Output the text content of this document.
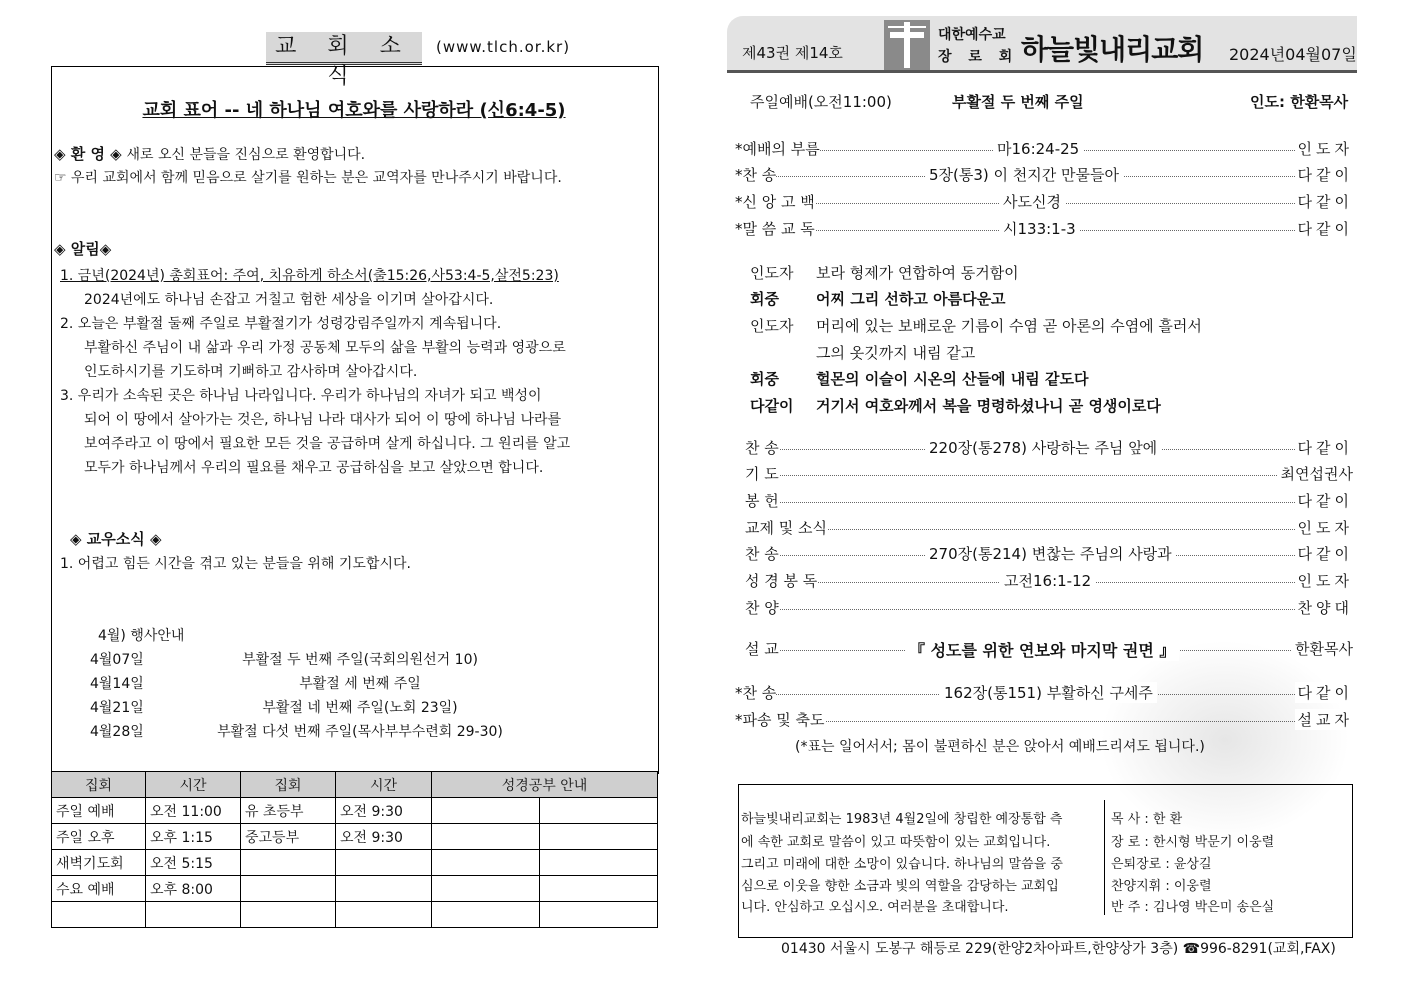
교 회 소 식
(www.tlch.or.kr)
교회 표어 -- 네 하나님 여호와를 사랑하라 (신6:4-5)
◈ 환 영 ◈ 새로 오신 분들을 진심으로 환영합니다.
☞ 우리 교회에서 함께 믿음으로 살기를 원하는 분은 교역자를 만나주시기 바랍니다.
◈ 알림◈
1. 금년(2024년) 총회표어: 주여, 치유하게 하소서(출15:26,사53:4-5,살전5:23)
2024년에도 하나님 손잡고 거칠고 험한 세상을 이기며 살아갑시다.
2. 오늘은 부활절 둘째 주일로 부활절기가 성령강림주일까지 계속됩니다.
부활하신 주님이 내 삶과 우리 가정 공동체 모두의 삶을 부활의 능력과 영광으로
인도하시기를 기도하며 기뻐하고 감사하며 살아갑시다.
3. 우리가 소속된 곳은 하나님 나라입니다. 우리가 하나님의 자녀가 되고 백성이
되어 이 땅에서 살아가는 것은, 하나님 나라 대사가 되어 이 땅에 하나님 나라를
보여주라고 이 땅에서 필요한 모든 것을 공급하며 살게 하십니다. 그 원리를 알고
모두가 하나님께서 우리의 필요를 채우고 공급하심을 보고 살았으면 합니다.
◈ 교우소식 ◈
1. 어렵고 힘든 시간을 겪고 있는 분들을 위해 기도합시다.
4월) 행사안내
4월07일	부활절 두 번째 주일(국회의원선거 10)
4월14일	부활절 세 번째 주일
4월21일	부활절 네 번째 주일(노회 23일)
4월28일	부활절 다섯 번째 주일(목사부부수련회 29-30)
집회	시간	집회	시간	성경공부 안내	
주일 예배	오전 11:00	유 초등부	오전 9:30		
주일 오후	오후 1:15	중고등부	오전 9:30		
새벽기도회	오전 5:15				
수요 예배	오후 8:00				

제43권 제14호
대한예수교
장 로 회 하늘빛내리교회 2024년04월07일
주일예배(오전11:00)	부활절 두 번째 주일	인도: 한환목사
*예배의 부름	마16:24-25	인도자
*찬 송	5장(통3) 이 천지간 만물들아	다같이
*신 앙 고 백	사도신경	다같이
*말 씀 교 독	시133:1-3	다같이
인도자 보라 형제가 연합하여 동거함이
회중 어찌 그리 선하고 아름다운고
인도자 머리에 있는 보배로운 기름이 수염 곧 아론의 수염에 흘러서
그의 옷깃까지 내림 같고
회중 헐몬의 이슬이 시온의 산들에 내림 같도다
다같이 거기서 여호와께서 복을 명령하셨나니 곧 영생이로다
찬 송	220장(통278) 사랑하는 주님 앞에	다같이
기 도	최연섭권사
봉 헌	다같이
교제 및 소식	인도자
찬 송	270장(통214) 변찮는 주님의 사랑과	다같이
성 경 봉 독	고전16:1-12	인도자
찬 양	찬양대
설 교	『 성도를 위한 연보와 마지막 권면 』	한환목사
*찬 송	162장(통151) 부활하신 구세주	다같이
*파송 및 축도	설교자
(*표는 일어서서; 몸이 불편하신 분은 앉아서 예배드리셔도 됩니다.)
하늘빛내리교회는 1983년 4월2일에 창립한 예장통합 측
에 속한 교회로 말씀이 있고 따뜻함이 있는 교회입니다.
그리고 미래에 대한 소망이 있습니다. 하나님의 말씀을 중
심으로 이웃을 향한 소금과 빛의 역할을 감당하는 교회입
니다. 안심하고 오십시오. 여러분을 초대합니다.
목 사 : 한 환
장 로 : 한시형 박문기 이웅렬
은퇴장로 : 윤상길
찬양지휘 : 이웅렬
반 주 : 김나영 박은미 송은실
01430 서울시 도봉구 해등로 229(한양2차아파트,한양상가 3층) ☎996-8291(교회,FAX)
